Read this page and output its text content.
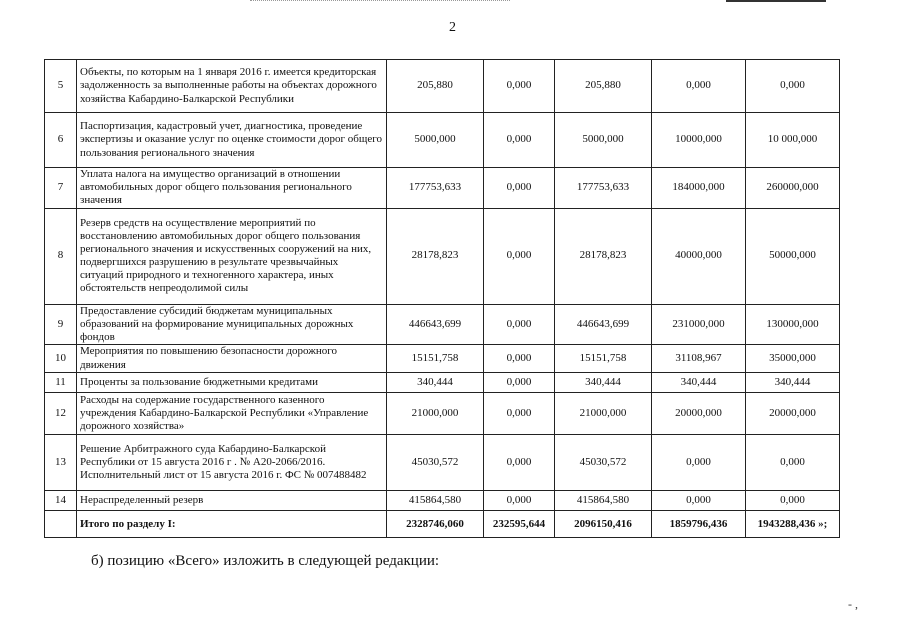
2
5	Объекты, по которым на 1 января 2016 г. имеется кредиторская задолженность за выполненные работы на объектах дорожного хозяйства Кабардино-Балкарской Республики	205,880	0,000	205,880	0,000	0,000
6	Паспортизация, кадастровый учет, диагностика, проведение экспертизы и оказание услуг по оценке стоимости дорог общего пользования регионального значения	5000,000	0,000	5000,000	10000,000	10 000,000
7	Уплата налога на имущество организаций в отношении автомобильных дорог общего пользования регионального значения	177753,633	0,000	177753,633	184000,000	260000,000
8	Резерв средств на осуществление мероприятий по восстановлению автомобильных дорог общего пользования регионального значения и искусственных сооружений на них, подвергшихся разрушению в результате чрезвычайных ситуаций природного и техногенного характера, иных обстоятельств непреодолимой силы	28178,823	0,000	28178,823	40000,000	50000,000
9	Предоставление субсидий бюджетам муниципальных образований на формирование муниципальных дорожных фондов	446643,699	0,000	446643,699	231000,000	130000,000
10	Мероприятия по повышению безопасности дорожного движения	15151,758	0,000	15151,758	31108,967	35000,000
11	Проценты за пользование бюджетными кредитами	340,444	0,000	340,444	340,444	340,444
12	Расходы на содержание государственного казенного учреждения Кабардино-Балкарской Республики «Управление дорожного хозяйства»	21000,000	0,000	21000,000	20000,000	20000,000
13	Решение Арбитражного суда Кабардино-Балкарской Республики от 15 августа 2016 г . № А20-2066/2016. Исполнительный лист от 15 августа 2016 г. ФС № 007488482	45030,572	0,000	45030,572	0,000	0,000
14	Нераспределенный резерв	415864,580	0,000	415864,580	0,000	0,000
	Итого по разделу I:	2328746,060	232595,644	2096150,416	1859796,436	1943288,436 »;
б) позицию «Всего» изложить в следующей редакции:
- ,
